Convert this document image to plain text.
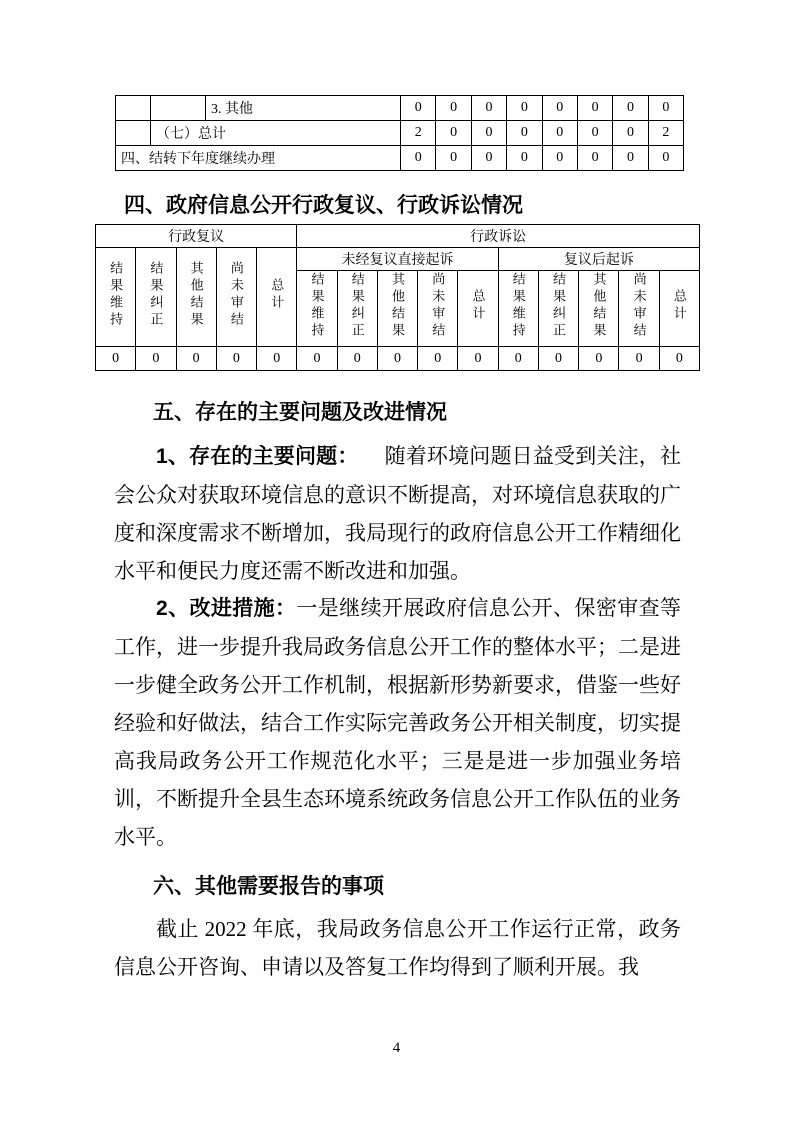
		3. 其他	0	0	0	0	0	0	0	0
	（七）总计		2	0	0	0	0	0	0	2
四、结转下年度继续办理			0	0	0	0	0	0	0	0
四、政府信息公开行政复议、行政诉讼情况
行政复议					行政诉讼									
结果维持	结果纠正	其他结果	尚未审结	总计	未经复议直接起诉					复议后起诉				
					结果维持	结果纠正	其他结果	尚未审结	总计	结果维持	结果纠正	其他结果	尚未审结	总计
0	0	0	0	0	0	0	0	0	0	0	0	0	0	0
五、存在的主要问题及改进情况

1、存在的主要问题： 随着环境问题日益受到关注，社会公众对获取环境信息的意识不断提高，对环境信息获取的广度和深度需求不断增加，我局现行的政府信息公开工作精细化水平和便民力度还需不断改进和加强。

2、改进措施：一是继续开展政府信息公开、保密审查等工作，进一步提升我局政务信息公开工作的整体水平；二是进一步健全政务公开工作机制，根据新形势新要求，借鉴一些好经验和好做法，结合工作实际完善政务公开相关制度，切实提高我局政务公开工作规范化水平；三是是进一步加强业务培训，不断提升全县生态环境系统政务信息公开工作队伍的业务水平。

六、其他需要报告的事项

截止 2022 年底，我局政务信息公开工作运行正常，政务信息公开咨询、申请以及答复工作均得到了顺利开展。我

4
